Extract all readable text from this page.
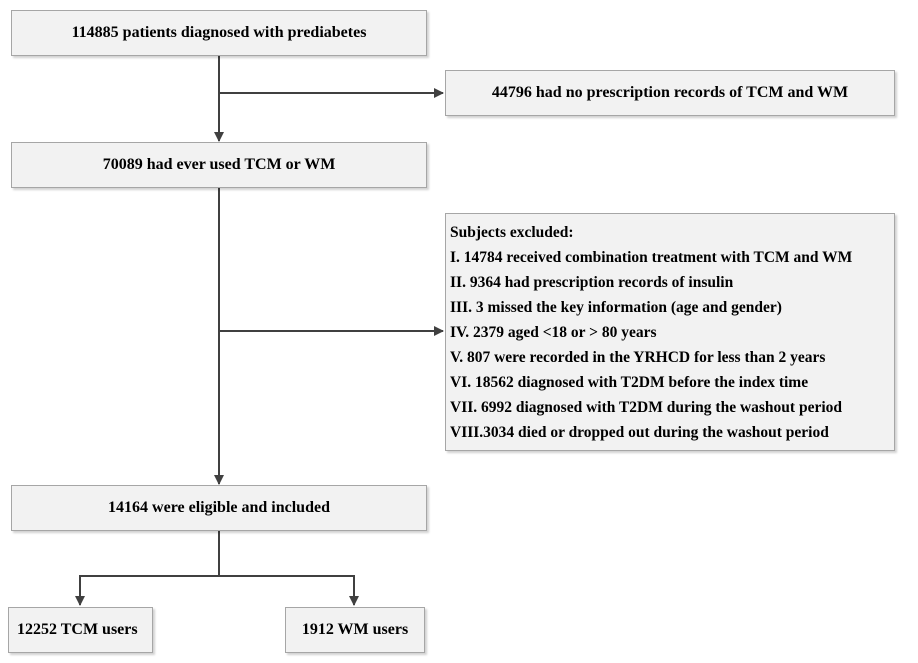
114885 patients diagnosed with prediabetes
44796 had no prescription records of TCM and WM
70089 had ever used TCM or WM
Subjects excluded:
I. 14784 received combination treatment with TCM and WM
II. 9364 had prescription records of insulin
III. 3 missed the key information (age and gender)
IV. 2379 aged <18 or > 80 years
V. 807 were recorded in the YRHCD for less than 2 years
VI. 18562 diagnosed with T2DM before the index time
VII. 6992 diagnosed with T2DM during the washout period
VIII.3034 died or dropped out during the washout period
14164 were eligible and included
12252 TCM users	1912 WM users
